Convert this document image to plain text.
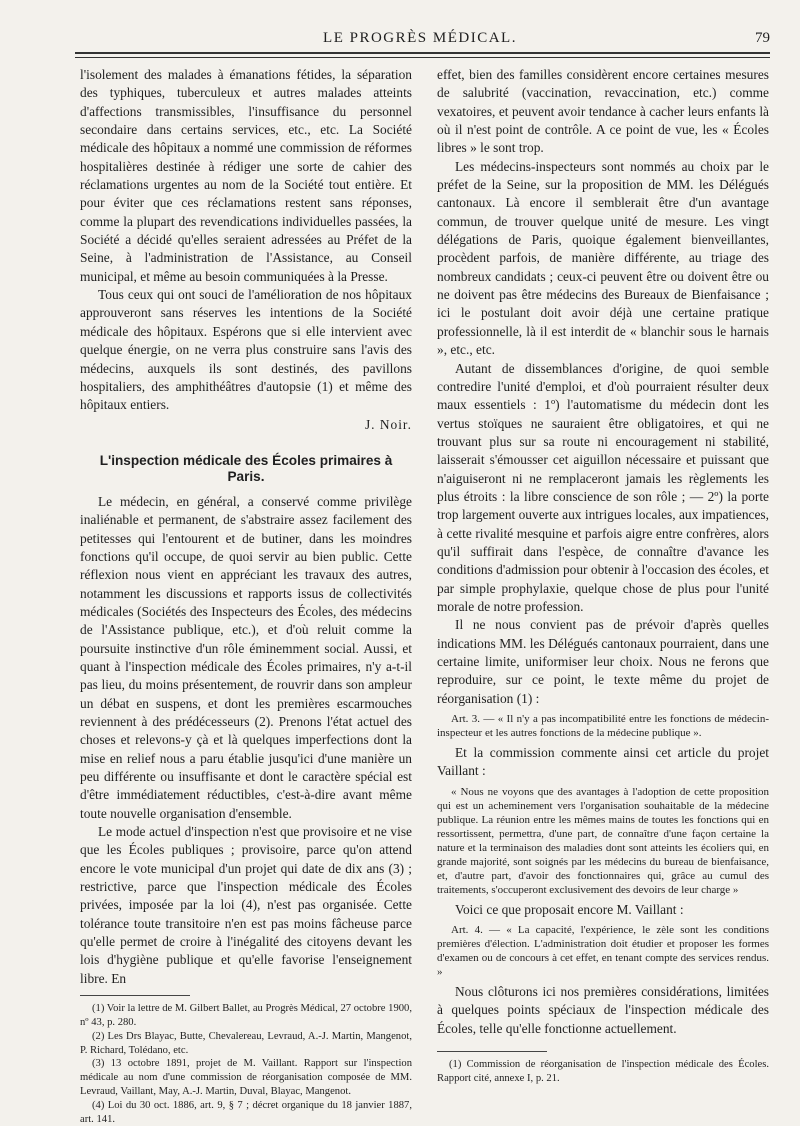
LE PROGRÈS MÉDICAL.	79

l'isolement des malades à émanations fétides, la séparation des typhiques, tuberculeux et autres malades atteints d'affections transmissibles, l'insuffisance du personnel secondaire dans certains services, etc., etc. La Société médicale des hôpitaux a nommé une commission de réformes hospitalières destinée à rédiger une sorte de cahier des réclamations urgentes au nom de la Société tout entière. Et pour éviter que ces réclamations restent sans réponses, comme la plupart des revendications individuelles passées, la Société a décidé qu'elles seraient adressées au Préfet de la Seine, à l'administration de l'Assistance, au Conseil municipal, et même au besoin communiquées à la Presse.

Tous ceux qui ont souci de l'amélioration de nos hôpitaux approuveront sans réserves les intentions de la Société médicale des hôpitaux. Espérons que si elle intervient avec quelque énergie, on ne verra plus construire sans l'avis des médecins, auxquels ils sont destinés, des pavillons hospitaliers, des amphithéâtres d'autopsie (1) et même des hôpitaux entiers.

J. Noir.
L'inspection médicale des Écoles primaires à Paris.

Le médecin, en général, a conservé comme privilège inaliénable et permanent, de s'abstraire assez facilement des petitesses qui l'entourent et de butiner, dans les moindres fonctions qu'il occupe, de quoi servir au bien public. Cette réflexion nous vient en appréciant les travaux des autres, notamment les discussions et rapports issus de collectivités médicales (Sociétés des Inspecteurs des Écoles, des médecins de l'Assistance publique, etc.), et d'où reluit comme la poursuite instinctive d'un rôle éminemment social. Aussi, et quant à l'inspection médicale des Écoles primaires, n'y a-t-il pas lieu, du moins présentement, de rouvrir dans son ampleur un débat en suspens, et dont les premières escarmouches reviennent à des prédécesseurs (2). Prenons l'état actuel des choses et relevons-y çà et là quelques imperfections dont la mise en relief nous a paru établie jusqu'ici d'une manière un peu différente ou insuffisante et dont le caractère spécial est d'être immédiatement réductibles, c'est-à-dire avant même toute nouvelle organisation d'ensemble.

Le mode actuel d'inspection n'est que provisoire et ne vise que les Écoles publiques ; provisoire, parce qu'on attend encore le vote municipal d'un projet qui date de dix ans (3) ; restrictive, parce que l'inspection médicale des Écoles privées, imposée par la loi (4), n'est pas organisée. Cette tolérance toute transitoire n'en est pas moins fâcheuse parce qu'elle permet de croire à l'inégalité des citoyens devant les lois d'hygiène publique et qu'elle favorise l'enseignement libre. En

(1) Voir la lettre de M. Gilbert Ballet, au Progrès Médical, 27 octobre 1900, nº 43, p. 280.

(2) Les Drs Blayac, Butte, Chevalereau, Levraud, A.-J. Martin, Mangenot, P. Richard, Tolédano, etc.

(3) 13 octobre 1891, projet de M. Vaillant. Rapport sur l'inspection médicale au nom d'une commission de réorganisation composée de MM. Levraud, Vaillant, May, A.-J. Martin, Duval, Blayac, Mangenot.

(4) Loi du 30 oct. 1886, art. 9, § 7 ; décret organique du 18 janvier 1887, art. 141.

effet, bien des familles considèrent encore certaines mesures de salubrité (vaccination, revaccination, etc.) comme vexatoires, et peuvent avoir tendance à cacher leurs enfants là où il n'est point de contrôle. A ce point de vue, les « Écoles libres » le sont trop.

Les médecins-inspecteurs sont nommés au choix par le préfet de la Seine, sur la proposition de MM. les Délégués cantonaux. Là encore il semblerait être d'un avantage commun, de trouver quelque unité de mesure. Les vingt délégations de Paris, quoique également bienveillantes, procèdent parfois, de manière différente, au triage des nombreux candidats ; ceux-ci peuvent être ou doivent être ou ne doivent pas être médecins des Bureaux de Bienfaisance ; ici le postulant doit avoir déjà une certaine pratique professionnelle, là il est interdit de « blanchir sous le harnais », etc., etc.

Autant de dissemblances d'origine, de quoi semble contredire l'unité d'emploi, et d'où pourraient résulter deux maux essentiels : 1º) l'automatisme du médecin dont les vertus stoïques ne sauraient être obligatoires, et qui ne trouvant plus sur sa route ni encouragement ni stabilité, laisserait s'émousser cet aiguillon nécessaire et puissant que n'aiguiseront ni ne remplaceront jamais les règlements les plus étroits : la libre conscience de son rôle ; — 2º) la porte trop largement ouverte aux intrigues locales, aux impatiences, à cette rivalité mesquine et parfois aigre entre confrères, alors qu'il suffirait dans l'espèce, de connaître d'avance les conditions d'admission pour obtenir à l'occasion des écoles, et par simple prophylaxie, quelque chose de plus pour l'unité morale de notre profession.

Il ne nous convient pas de prévoir d'après quelles indications MM. les Délégués cantonaux pourraient, dans une certaine limite, uniformiser leur choix. Nous ne ferons que reproduire, sur ce point, le texte même du projet de réorganisation (1) :

Art. 3. — « Il n'y a pas incompatibilité entre les fonctions de médecin-inspecteur et les autres fonctions de la médecine publique ».

Et la commission commente ainsi cet article du projet Vaillant :

« Nous ne voyons que des avantages à l'adoption de cette proposition qui est un acheminement vers l'organisation souhaitable de la médecine publique. La réunion entre les mêmes mains de toutes les fonctions qui en ressortissent, permettra, d'une part, de connaître d'une façon certaine la nature et la terminaison des maladies dont sont atteints les écoliers qui, en grande majorité, sont soignés par les médecins du bureau de bienfaisance, et, d'autre part, d'avoir des fonctionnaires qui, grâce au cumul des traitements, s'occuperont exclusivement des devoirs de leur charge »

Voici ce que proposait encore M. Vaillant :

Art. 4. — « La capacité, l'expérience, le zèle sont les conditions premières d'élection. L'administration doit étudier et proposer les formes d'examen ou de concours à cet effet, en tenant compte des services rendus. »

Nous clôturons ici nos premières considérations, limitées à quelques points spéciaux de l'inspection médicale des Écoles, telle qu'elle fonctionne actuellement.

(1) Commission de réorganisation de l'inspection médicale des Écoles. Rapport cité, annexe I, p. 21.
